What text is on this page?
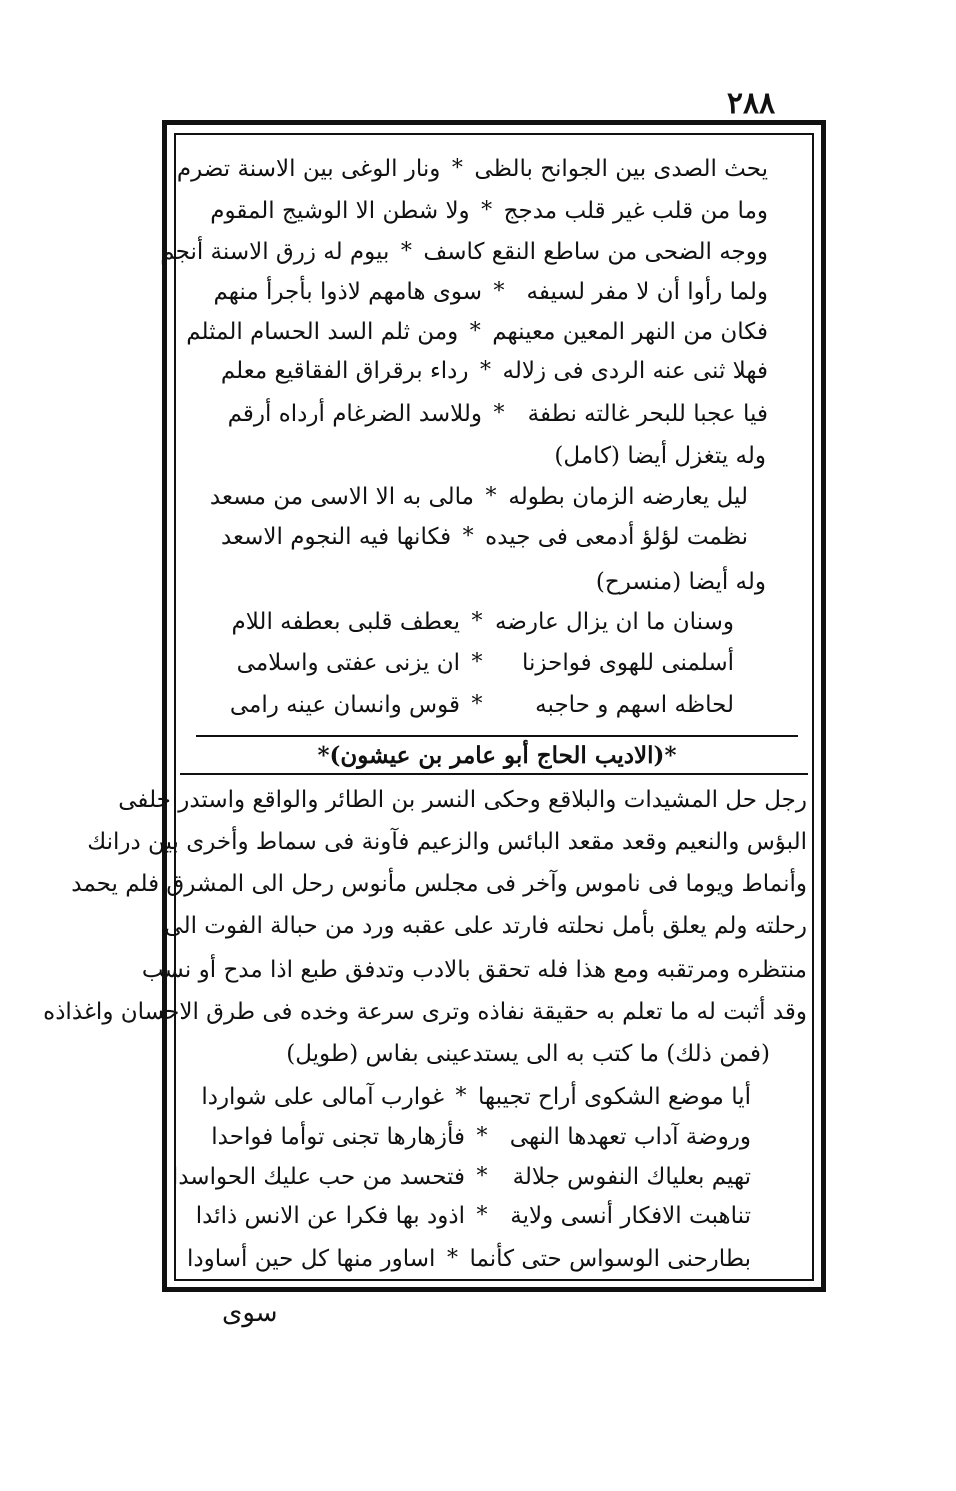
٢٨٨
يحث الصدى بين الجوانح بالظى
*
ونار الوغى بين الاسنة تضرم
وما من قلب غير قلب مدجج
*
ولا شطن الا الوشيج المقوم
ووجه الضحى من ساطع النقع كاسف
*
بيوم له زرق الاسنة أنجم
ولما رأوا أن لا مفر لسيفه
*
سوى هامهم لاذوا بأجرأ منهم
فكان من النهر المعين معينهم
*
ومن ثلم السد الحسام المثلم
فهلا ثنى عنه الردى فى زلاله
*
رداء برقراق الفقاقيع معلم
فيا عجبا للبحر غالته نطفة
*
وللاسد الضرغام أرداه أرقم
وله يتغزل أيضا (كامل)
ليل يعارضه الزمان بطوله
*
مالى به الا الاسى من مسعد
نظمت لؤلؤ أدمعى فى جيده
*
فكانها فيه النجوم الاسعد
وله أيضا (منسرح)
وسنان ما ان يزال عارضه
*
يعطف قلبى بعطفه اللام
أسلمنى للهوى فواحزنا
*
ان يزنى عفتى واسلامى
لحاظه اسهم و حاجبه
*
قوس وانسان عينه رامى
*(الاديب الحاج أبو عامر بن عيشون)*
رجل حل المشيدات والبلاقع وحكى النسر بن الطائر والواقع واستدر خلفى
البؤس والنعيم وقعد مقعد البائس والزعيم فآونة فى سماط وأخرى بين درانك
وأنماط ويوما فى ناموس وآخر فى مجلس مأنوس رحل الى المشرق فلم يحمد
رحلته ولم يعلق بأمل نحلته فارتد على عقبه ورد من حبالة الفوت الى
منتظره ومرتقبه ومع هذا فله تحقق بالادب وتدفق طبع اذا مدح أو نسب
وقد أثبت له ما تعلم به حقيقة نفاذه وترى سرعة وخده فى طرق الاحسان واغذاذه
(فمن ذلك) ما كتب به الى يستدعينى بفاس (طويل)
أيا موضع الشكوى أراح تجيبها
*
غوارب آمالى على شواردا
وروضة آداب تعهدها النهى
*
فأزهارها تجنى توأما فواحدا
تهيم بعلياك النفوس جلالة
*
فتحسد من حب عليك الحواسدا
تناهبت الافكار أنسى ولاية
*
اذود بها فكرا عن الانس ذائدا
بطارحنى الوسواس حتى كأنما
*
اساور منها كل حين أساودا
سوى
